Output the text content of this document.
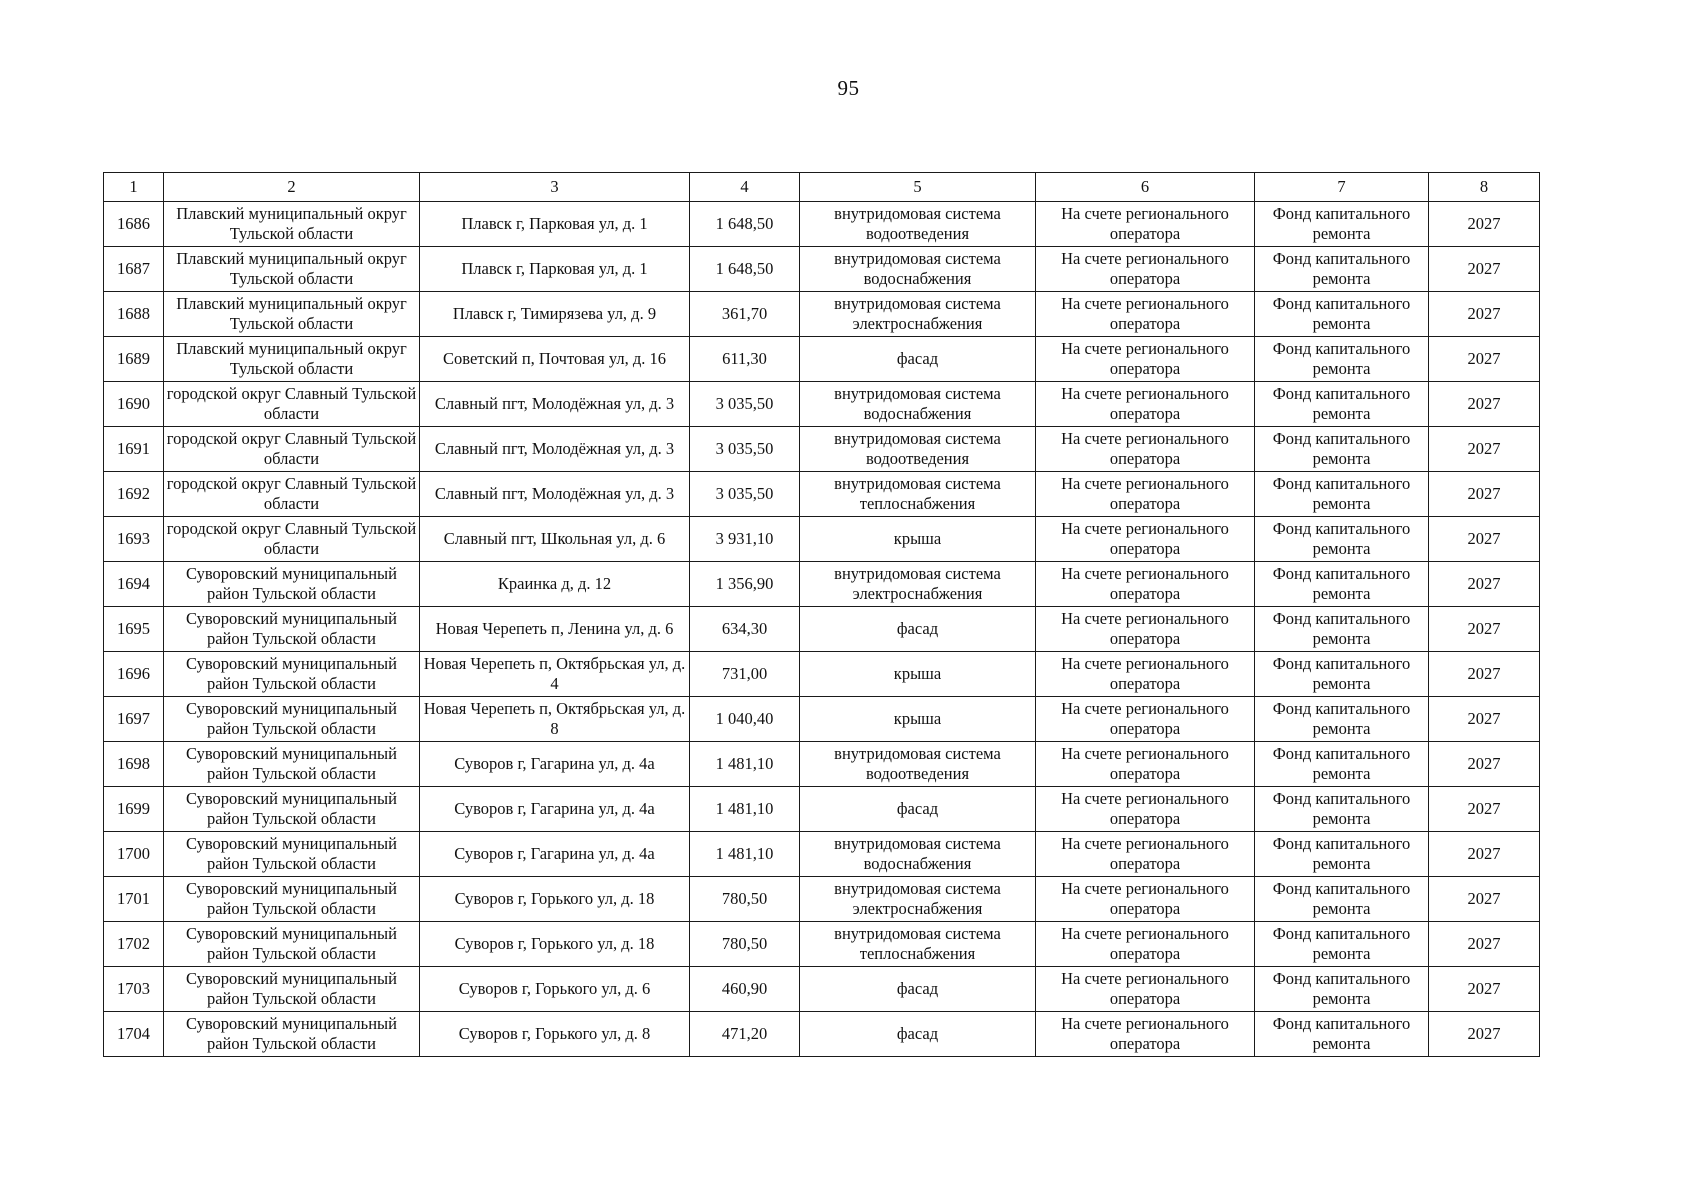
95
1	2	3	4	5	6	7	8
1686	Плавский муниципальный округ Тульской области	Плавск г, Парковая ул, д. 1	1 648,50	внутридомовая система водоотведения	На счете регионального оператора	Фонд капитального ремонта	2027
1687	Плавский муниципальный округ Тульской области	Плавск г, Парковая ул, д. 1	1 648,50	внутридомовая система водоснабжения	На счете регионального оператора	Фонд капитального ремонта	2027
1688	Плавский муниципальный округ Тульской области	Плавск г, Тимирязева ул, д. 9	361,70	внутридомовая система электроснабжения	На счете регионального оператора	Фонд капитального ремонта	2027
1689	Плавский муниципальный округ Тульской области	Советский п, Почтовая ул, д. 16	611,30	фасад	На счете регионального оператора	Фонд капитального ремонта	2027
1690	городской округ Славный Тульской области	Славный пгт, Молодёжная ул, д. 3	3 035,50	внутридомовая система водоснабжения	На счете регионального оператора	Фонд капитального ремонта	2027
1691	городской округ Славный Тульской области	Славный пгт, Молодёжная ул, д. 3	3 035,50	внутридомовая система водоотведения	На счете регионального оператора	Фонд капитального ремонта	2027
1692	городской округ Славный Тульской области	Славный пгт, Молодёжная ул, д. 3	3 035,50	внутридомовая система теплоснабжения	На счете регионального оператора	Фонд капитального ремонта	2027
1693	городской округ Славный Тульской области	Славный пгт, Школьная ул, д. 6	3 931,10	крыша	На счете регионального оператора	Фонд капитального ремонта	2027
1694	Суворовский муниципальный район Тульской области	Краинка д, д. 12	1 356,90	внутридомовая система электроснабжения	На счете регионального оператора	Фонд капитального ремонта	2027
1695	Суворовский муниципальный район Тульской области	Новая Черепеть п, Ленина ул, д. 6	634,30	фасад	На счете регионального оператора	Фонд капитального ремонта	2027
1696	Суворовский муниципальный район Тульской области	Новая Черепеть п, Октябрьская ул, д. 4	731,00	крыша	На счете регионального оператора	Фонд капитального ремонта	2027
1697	Суворовский муниципальный район Тульской области	Новая Черепеть п, Октябрьская ул, д. 8	1 040,40	крыша	На счете регионального оператора	Фонд капитального ремонта	2027
1698	Суворовский муниципальный район Тульской области	Суворов г, Гагарина ул, д. 4а	1 481,10	внутридомовая система водоотведения	На счете регионального оператора	Фонд капитального ремонта	2027
1699	Суворовский муниципальный район Тульской области	Суворов г, Гагарина ул, д. 4а	1 481,10	фасад	На счете регионального оператора	Фонд капитального ремонта	2027
1700	Суворовский муниципальный район Тульской области	Суворов г, Гагарина ул, д. 4а	1 481,10	внутридомовая система водоснабжения	На счете регионального оператора	Фонд капитального ремонта	2027
1701	Суворовский муниципальный район Тульской области	Суворов г, Горького ул, д. 18	780,50	внутридомовая система электроснабжения	На счете регионального оператора	Фонд капитального ремонта	2027
1702	Суворовский муниципальный район Тульской области	Суворов г, Горького ул, д. 18	780,50	внутридомовая система теплоснабжения	На счете регионального оператора	Фонд капитального ремонта	2027
1703	Суворовский муниципальный район Тульской области	Суворов г, Горького ул, д. 6	460,90	фасад	На счете регионального оператора	Фонд капитального ремонта	2027
1704	Суворовский муниципальный район Тульской области	Суворов г, Горького ул, д. 8	471,20	фасад	На счете регионального оператора	Фонд капитального ремонта	2027
